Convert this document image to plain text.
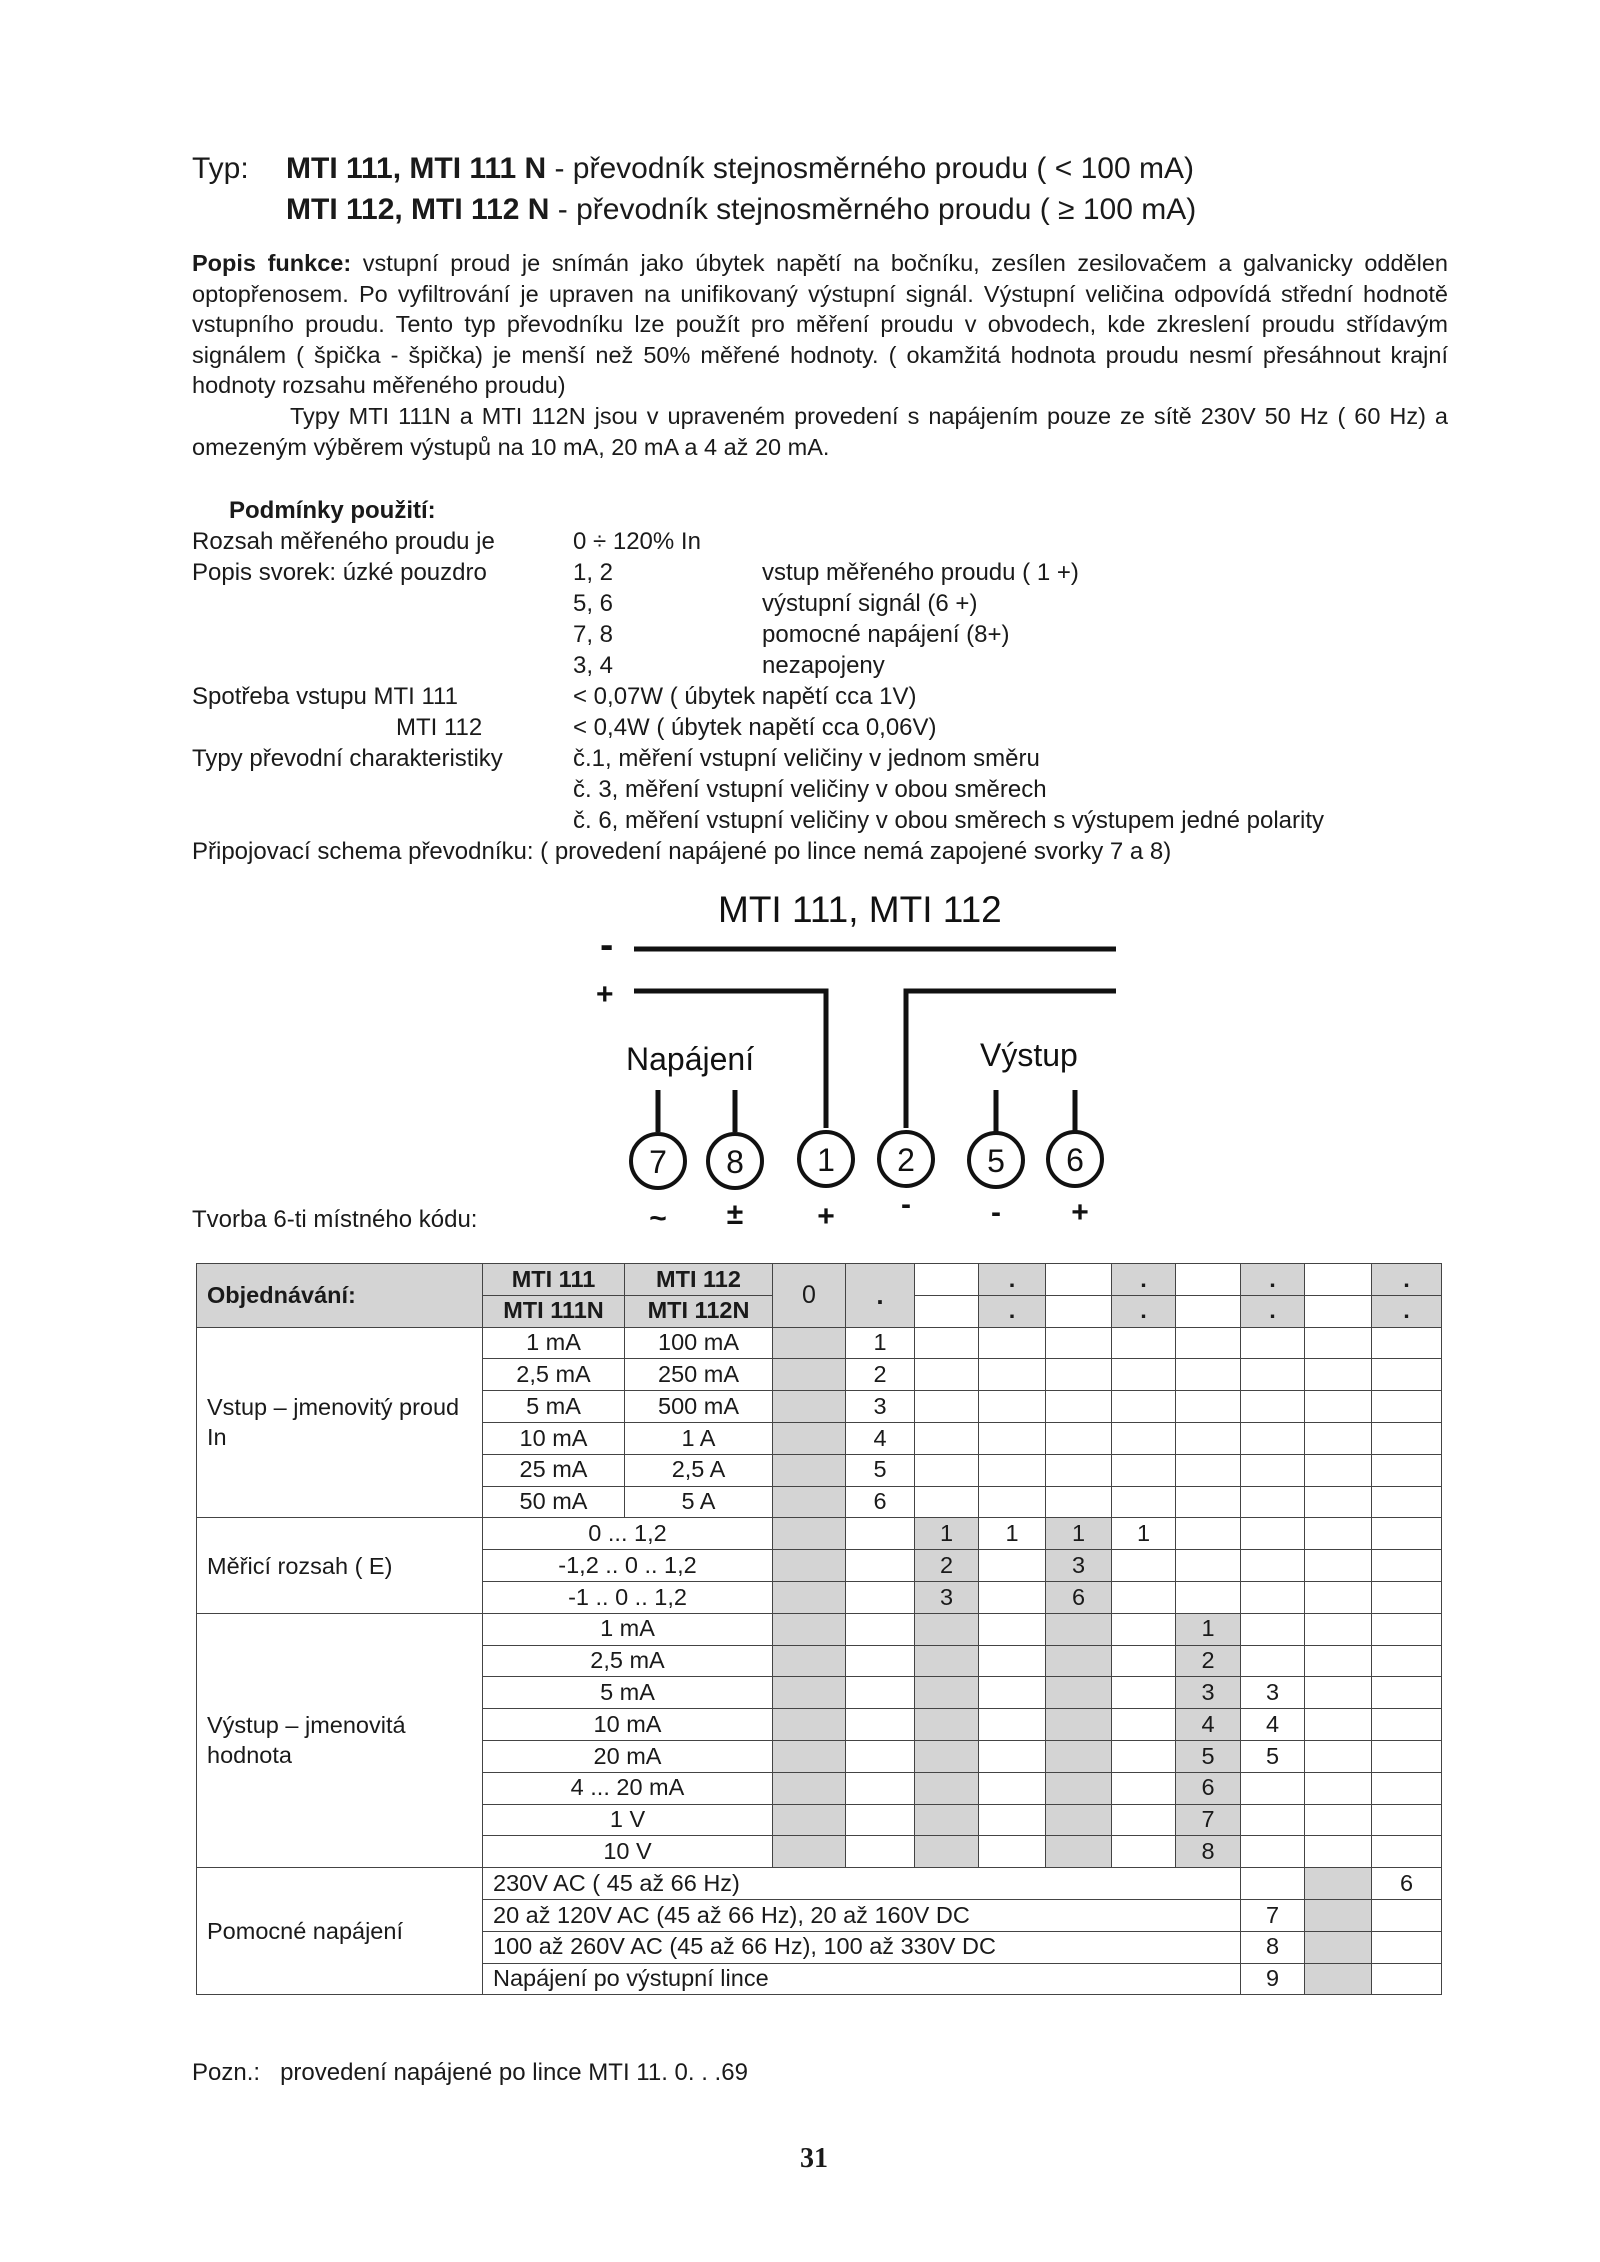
Typ: MTI 111, MTI 111 N - převodník stejnosměrného proudu ( < 100 mA)
MTI 112, MTI 112 N - převodník stejnosměrného proudu ( ≥ 100 mA)
Popis funkce: vstupní proud je snímán jako úbytek napětí na bočníku, zesílen zesilovačem a galvanicky oddělen optopřenosem. Po vyfiltrování je upraven na unifikovaný výstupní signál. Výstupní veličina odpovídá střední hodnotě vstupního proudu. Tento typ převodníku lze použít pro měření proudu v obvodech, kde zkreslení proudu střídavým signálem ( špička - špička) je menší než 50% měřené hodnoty. ( okamžitá hodnota proudu nesmí přesáhnout krajní hodnoty rozsahu měřeného proudu)
Typy MTI 111N a MTI 112N jsou v upraveném provedení s napájením pouze ze sítě 230V 50 Hz ( 60 Hz) a omezeným výběrem výstupů na 10 mA, 20 mA a 4 až 20 mA.
Podmínky použití:
Rozsah měřeného proudu je	0 ÷ 120% In
Popis svorek: úzké pouzdro	1, 2	vstup měřeného proudu ( 1 +)
5, 6	výstupní signál (6 +)
7, 8	pomocné napájení (8+)
3, 4	nezapojeny
Spotřeba vstupu MTI 111	< 0,07W ( úbytek napětí cca 1V)
MTI 112	< 0,4W ( úbytek napětí cca 0,06V)
Typy převodní charakteristiky	č.1, měření vstupní veličiny v jednom směru
č. 3, měření vstupní veličiny v obou směrech
č. 6, měření vstupní veličiny v obou směrech s výstupem jedné polarity
Připojovací schema převodníku: ( provedení napájené po lince nemá zapojené svorky 7 a 8)
MTI 111, MTI 112
-
+
Napájení	Výstup
7 8 1 2 5 6
~ ± + -	- +
Tvorba 6-ti místného kódu:
Objednávání:	MTI 111	MTI 112	0	.		.		.		.		.
	MTI 111N	MTI 112N				.		.		.		.
Vstup – jmenovitý proud In	1 mA	100 mA		1								
	2,5 mA	250 mA		2								
	5 mA	500 mA		3								
	10 mA	1 A		4								
	25 mA	2,5 A		5								
	50 mA	5 A		6								
Měřicí rozsah ( E)	0 ... 1,2				1	1	1	1				
	-1,2 .. 0 .. 1,2				2		3					
	-1 .. 0 .. 1,2				3		6					
Výstup – jmenovitá hodnota	1 mA								1			
	2,5 mA								2			
	5 mA								3	3		
	10 mA								4	4		
	20 mA								5	5		
	4 ... 20 mA								6			
	1 V								7			
	10 V								8			
Pomocné napájení	230V AC ( 45 až 66 Hz)											6
	20 až 120V AC (45 až 66 Hz), 20 až 160V DC									7		
	100 až 260V AC (45 až 66 Hz), 100 až 330V DC									8		
	Napájení po výstupní lince									9		
Pozn.: provedení napájené po lince MTI 11. 0. . .69
31
